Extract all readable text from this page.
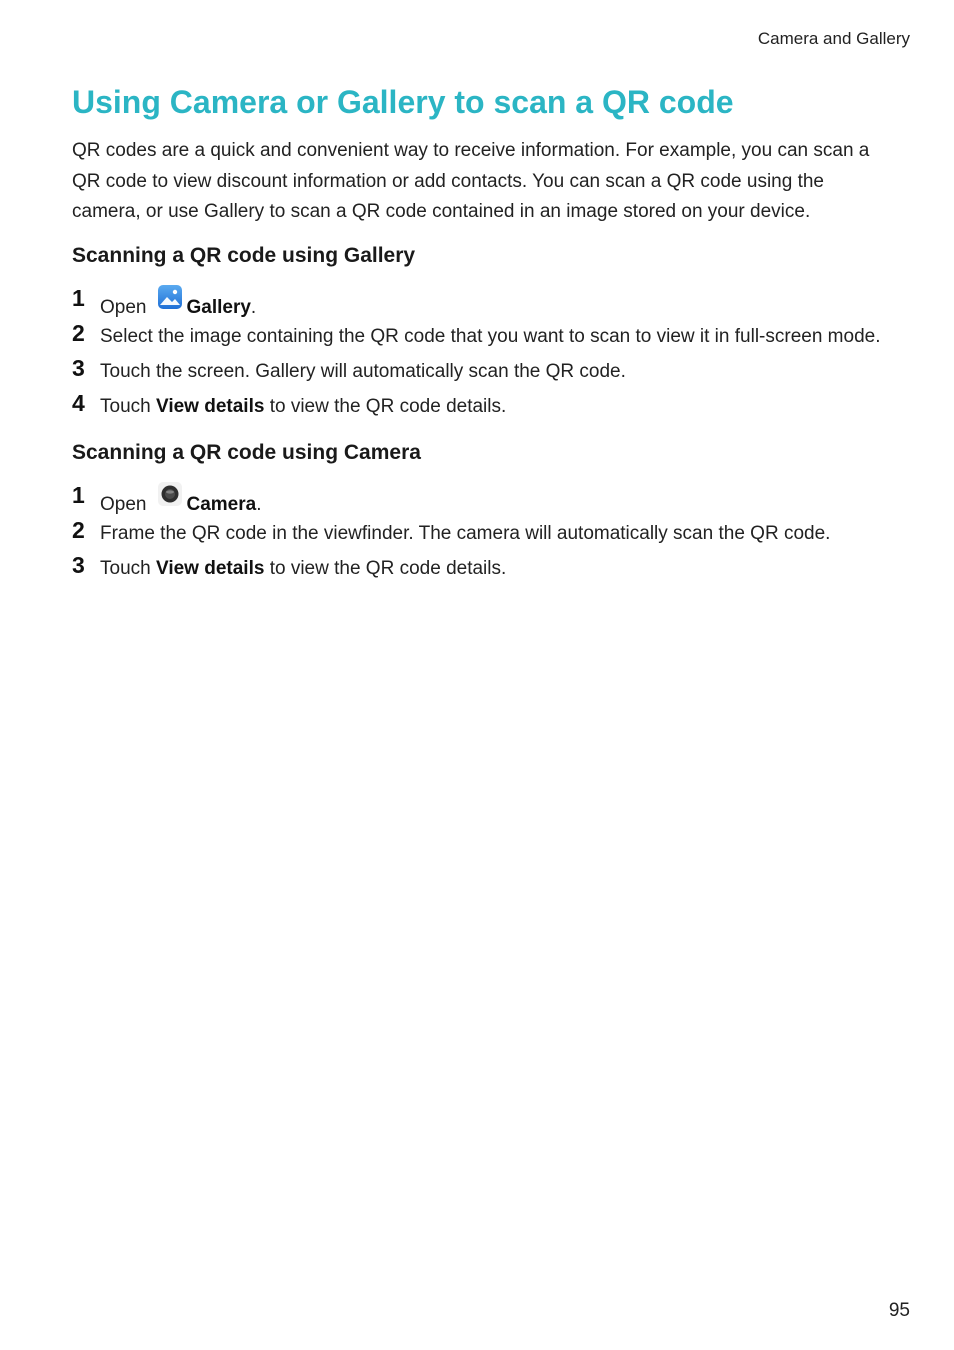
Camera and Gallery
Using Camera or Gallery to scan a QR code

QR codes are a quick and convenient way to receive information. For example, you can scan a
QR code to view discount information or add contacts. You can scan a QR code using the
camera, or use Gallery to scan a QR code contained in an image stored on your device.

Scanning a QR code using Gallery
1 Open Gallery.
2 Select the image containing the QR code that you want to scan to view it in full-screen mode.
3 Touch the screen. Gallery will automatically scan the QR code.
4 Touch View details to view the QR code details.
Scanning a QR code using Camera
1 Open Camera.
2 Frame the QR code in the viewfinder. The camera will automatically scan the QR code.
3 Touch View details to view the QR code details.
95
